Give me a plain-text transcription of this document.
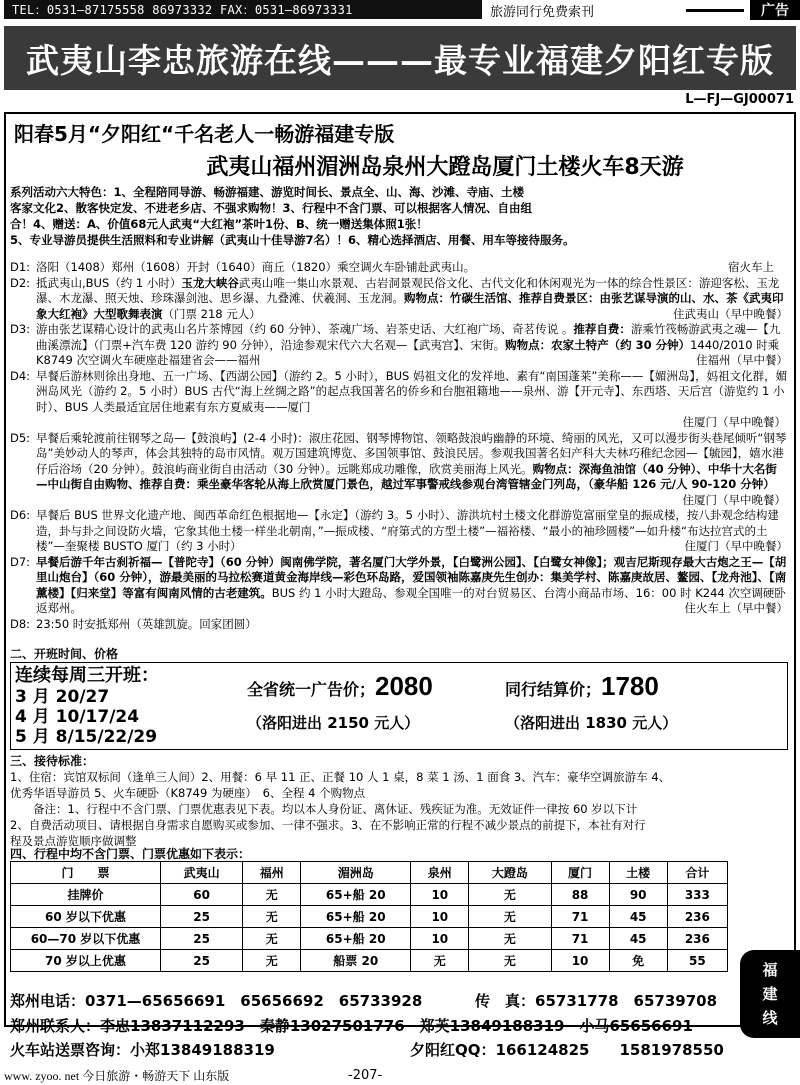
TEL：0531—87175558 86973332 FAX：0531—86973331	旅游同行免费索刊	广告
武夷山李忠旅游在线———最专业福建夕阳红专版
L—FJ—GJ00071
阳春5月“夕阳红“千名老人一畅游福建专版
武夷山福州湄洲岛泉州大蹬岛厦门土楼火车8天游
系列活动六大特色：1、全程陪同导游、畅游福建、游览时间长、景点全、山、海、沙滩、寺庙、土楼
客家文化2、散客快定发、不进老乡店、不强求购物！3、行程中不含门票、可以根据客人情况、自由组
合！4、赠送：A、价值68元人武夷“大红袍”茶叶1份、B、统一赠送集体照1张！
5、专业导游员提供生活照料和专业讲解（武夷山十佳导游7名）！6、精心选择酒店、用餐、用车等接待服务。
D1: 洛阳（1408）郑州（1608）开封（1640）商丘（1820）乘空调火车卧铺赴武夷山。	宿火车上
D2: 抵武夷山,BUS（约 1 小时）玉龙大峡谷武夷山唯一集山水景观、古岩洞景观民俗文化、古代文化和休闲观光为一体的综合性景区：游迎客松、玉龙瀑、木龙瀑、照天烛、珍珠瀑剑池、思乡瀑、九叠滩、伏羲洞、玉龙洞。购物点：竹碳生活馆、推荐自费景区：由张艺谋导演的山、水、茶《武夷印象大红袍》大型歌舞表演（门票 218 元人）	住武夷山（早中晚餐）
D3: 游由张艺谋精心设计的武夷山名片茶博园（约 60 分钟）、茶魂广场、岩茶史话、大红袍广场、奇茗传说 。推荐自费：游乘竹筏畅游武夷之魂—【九曲溪漂流】（门票+汽车费 120 游约 90 分钟），沿途参观宋代六大名观—【武夷宫】、宋街。购物点：农家土特产（约 30 分钟）1440/2010 时乘 K8749 次空调火车硬座赴福建省会——福州	住福州（早中餐）
D4: 早餐后游林则徐出身地、五一广场、【西湖公园】（游约 2。5 小时），BUS 妈祖文化的发祥地、素有“南国蓬莱”美称——【媚洲岛】，妈祖文化群，媚洲岛风光（游约 2。5 小时）BUS 古代“海上丝绸之路”的起点我国著名的侨乡和台胞祖籍地——泉州、游【开元寺】、东西塔、天后宫（游览约 1 小时）、BUS 人类最适宜居住地素有东方夏威夷——厦门
住厦门（早中晚餐）
D5: 早餐后乘轮渡前往钢琴之岛—【鼓浪屿】(2-4 小时)：淑庄花园、钢琴博物馆、领略鼓浪屿幽静的环境、绮丽的风光，又可以漫步街头巷尾倾听“钢琴岛”美妙动人的琴声，体会其独特的岛市风情。观万国建筑博览、多国领事馆、鼓浪民居。参观我国著名妇产科大夫林巧稚纪念园—【毓园】，嬉水港仔后浴场（20 分钟）。鼓浪屿商业街自由活动（30 分钟）。远眺郑成功雕像，欣赏美丽海上风光。购物点：深海鱼油馆（40 分钟）、中华十大名街—中山街自由购物、推荐自费：乘坐豪华客轮从海上欣赏厦门景色，越过军事警戒线参观台湾管辖金门列岛，（豪华船 126 元/人 90-120 分钟）
住厦门（早中晚餐）
D6: 早餐后 BUS 世界文化遗产地、闽西革命红色根据地—【永定】（游约 3。5 小时）、游洪坑村土楼文化群游览富丽堂皇的振成楼，按八卦观念结构建造，卦与卦之间设防火墙，它象其他土楼一样坐北朝南，”—振成楼、“府第式的方型土楼”—福裕楼、“最小的袖珍圆楼”—如升楼“布达拉宫式的土楼”—奎聚楼 BUSTO 厦门（约 3 小时）	住厦门（早中晚餐）
D7: 早餐后游千年古刹祈福—【普陀寺】（60 分钟）闽南佛学院，著名厦门大学外景，【白鹭洲公园】、【白鹭女神像】；观吉尼斯现存最大古炮之王—【胡里山炮台】（60 分钟），游最美丽的马拉松赛道黄金海岸线—彩色环岛路，爱国领袖陈嘉庚先生创办：集美学村、陈嘉庚故居、鳌园、【龙舟池】、【南薰楼】【归来堂】等富有闽南风情的古老建筑。BUS 约 1 小时大蹬岛、参观全国唯一的对台贸易区、台湾小商品市场、16：00 时 K244 次空调硬卧返郑州。	住火车上（早中餐）
D8: 23:50 时安抵郑州（英雄凯旋。回家团圆）
二、开班时间、价格
连续每周三开班：
3 月 20/27
4 月 10/17/24
5 月 8/15/22/29
全省统一广告价；2080
（洛阳进出 2150 元人）
同行结算价；1780
（洛阳进出 1830 元人）
三、接待标准：
1、住宿：宾馆双标间（逢单三人间）2、用餐：6 早 11 正、正餐 10 人 1 桌，8 菜 1 汤、1 面食 3、汽车：豪华空调旅游车 4、
优秀华语导游员 5、火车硬卧（K8749 为硬座）　6、全程 4 个购物点
　　备注：1、行程中不含门票、门票优惠表见下表。均以本人身份证、离休证、残疾证为准。无效证件一律按 60 岁以下计
2、自费活动项目、请根据自身需求自愿购买或参加、一律不强求。3、在不影响正常的行程不减少景点的前提下，本社有对行
程及景点游览顺序做调整
四、行程中均不含门票、门票优惠如下表示：
门　　票	武夷山	福州	湄洲岛	泉州	大蹬岛	厦门	土楼	合计
挂牌价	60	无	65+船 20	10	无	88	90	333
60 岁以下优惠	25	无	65+船 20	10	无	71	45	236
60—70 岁以下优惠	25	无	65+船 20	10	无	71	45	236
70 岁以上优惠	25	无	船票 20	无	无	10	免	55
郑州电话：0371—65656691　65656692　65733928	传　真：65731778　65739708
郑州联系人：李忠13837112293　秦静13027501776　郑芙13849188319　小马65656691
火车站送票咨询：小郑13849188319	夕阳红QQ：166124825　　1581978550
福
建
线
www. zyoo. net 今日旅游・畅游天下 山东版	-207-
